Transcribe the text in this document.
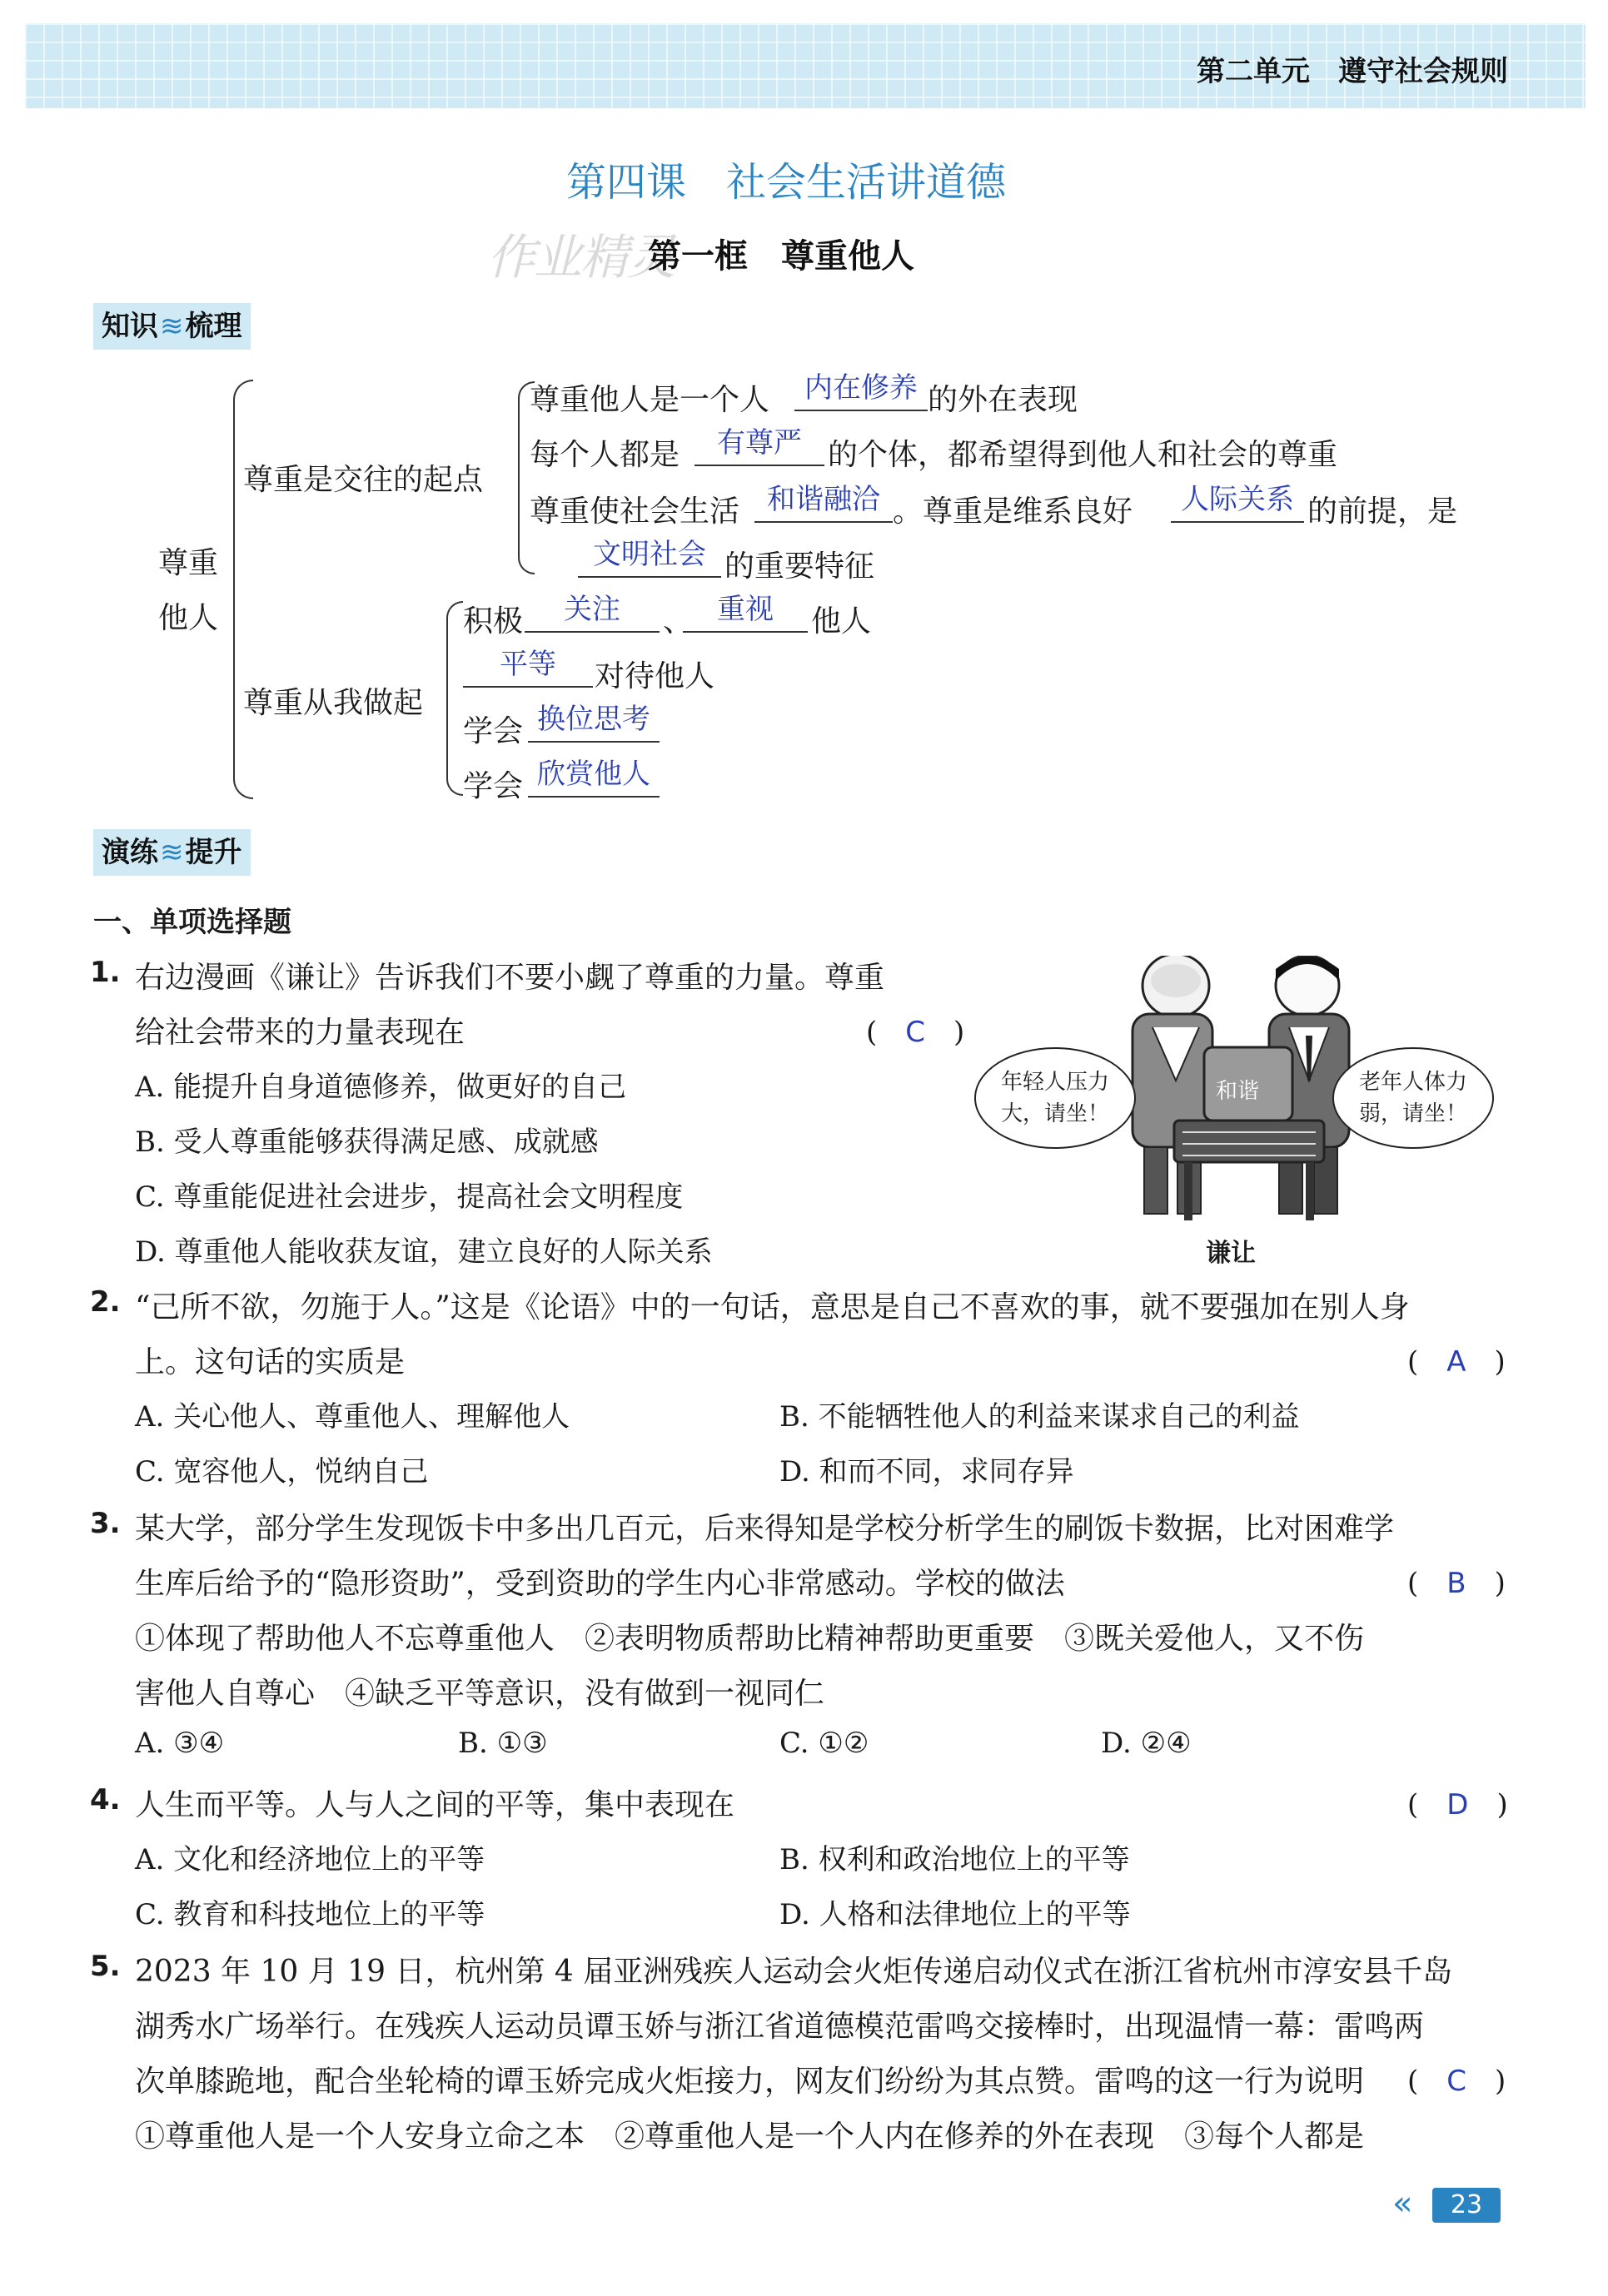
第二单元　遵守社会规则
第四课　社会生活讲道德
作业精灵
第一框　尊重他人
知识≋梳理
尊重
他人
尊重是交往的起点
尊重他人是一个人	内在修养 的外在表现
每个人都是	有尊严 的个体，都希望得到他人和社会的尊重
尊重使社会生活 和谐融洽 。尊重是维系良好	人际关系 的前提，是
文明社会 的重要特征
尊重从我做起
积极	关注	、 重视	他人
平等	对待他人
学会 换位思考
学会 欣赏他人
演练≋提升
一、单项选择题
1. 右边漫画《谦让》告诉我们不要小觑了尊重的力量。尊重
给社会带来的力量表现在	(　C　)
A. 能提升自身道德修养，做更好的自己
B. 受人尊重能够获得满足感、成就感
C. 尊重能促进社会进步，提高社会文明程度
D. 尊重他人能收获友谊，建立良好的人际关系
和谐
年轻人压力
大，请坐！
老年人体力
弱，请坐！
谦让
2. “己所不欲，勿施于人。”这是《论语》中的一句话，意思是自己不喜欢的事，就不要强加在别人身
上。这句话的实质是	(　A　)
A. 关心他人、尊重他人、理解他人	B. 不能牺牲他人的利益来谋求自己的利益
C. 宽容他人，悦纳自己	D. 和而不同，求同存异
3. 某大学，部分学生发现饭卡中多出几百元，后来得知是学校分析学生的刷饭卡数据，比对困难学
生库后给予的“隐形资助”，受到资助的学生内心非常感动。学校的做法	(　B　)
①体现了帮助他人不忘尊重他人　②表明物质帮助比精神帮助更重要　③既关爱他人，又不伤
害他人自尊心　④缺乏平等意识，没有做到一视同仁
A. ③④	B. ①③	C. ①②	D. ②④
4. 人生而平等。人与人之间的平等，集中表现在	(　D　)
A. 文化和经济地位上的平等	B. 权利和政治地位上的平等
C. 教育和科技地位上的平等	D. 人格和法律地位上的平等
5. 2023 年 10 月 19 日，杭州第 4 届亚洲残疾人运动会火炬传递启动仪式在浙江省杭州市淳安县千岛
湖秀水广场举行。在残疾人运动员谭玉娇与浙江省道德模范雷鸣交接棒时，出现温情一幕：雷鸣两
次单膝跪地，配合坐轮椅的谭玉娇完成火炬接力，网友们纷纷为其点赞。雷鸣的这一行为说明 (　C　)
①尊重他人是一个人安身立命之本　②尊重他人是一个人内在修养的外在表现　③每个人都是
«	23
